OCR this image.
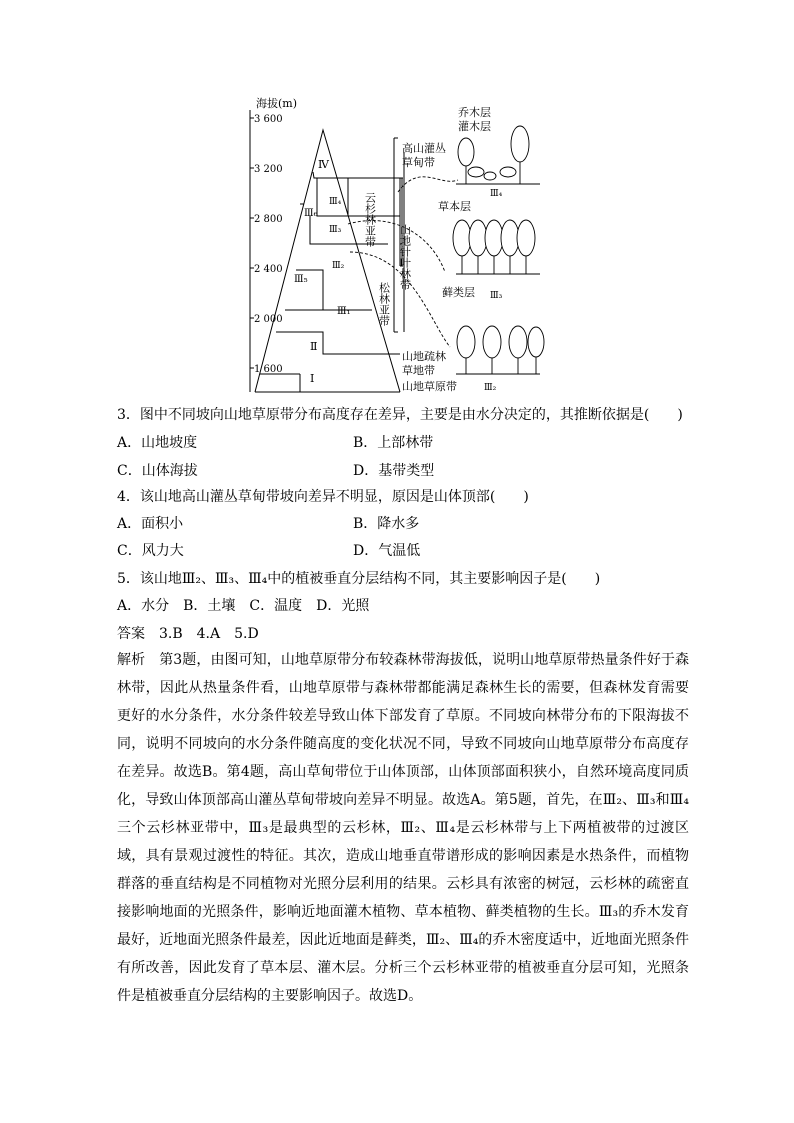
海拔(m)
3 600
3 200
2 800
2 400
2 000
1 600
Ⅳ
Ⅲ₄
Ⅲ₆
Ⅲ₃
Ⅲ₂
Ⅲ₅
Ⅲ₁
Ⅱ
Ⅰ
高山灌丛
草甸带
云杉林亚带
山地针叶林带
松林亚带
山地疏林
草地带
山地草原带
Ⅲ₄
乔木层
灌木层
草本层
藓类层 Ⅲ₃
Ⅲ₂
3．图中不同坡向山地草原带分布高度存在差异，主要是由水分决定的，其推断依据是(　　)
A．山地坡度	B．上部林带
C．山体海拔	D．基带类型
4．该山地高山灌丛草甸带坡向差异不明显，原因是山体顶部(　　)
A．面积小	B．降水多
C．风力大	D．气温低
5．该山地Ⅲ₂、Ⅲ₃、Ⅲ₄中的植被垂直分层结构不同，其主要影响因子是(　　)
A．水分　B．土壤　C．温度　D．光照
答案　3.B　4.A　5.D
解析　第3题，由图可知，山地草原带分布较森林带海拔低，说明山地草原带热量条件好于森林带，因此从热量条件看，山地草原带与森林带都能满足森林生长的需要，但森林发育需要更好的水分条件，水分条件较差导致山体下部发育了草原。不同坡向林带分布的下限海拔不同，说明不同坡向的水分条件随高度的变化状况不同，导致不同坡向山地草原带分布高度存在差异。故选B。第4题，高山草甸带位于山体顶部，山体顶部面积狭小，自然环境高度同质化，导致山体顶部高山灌丛草甸带坡向差异不明显。故选A。第5题，首先，在Ⅲ₂、Ⅲ₃和Ⅲ₄三个云杉林亚带中，Ⅲ₃是最典型的云杉林，Ⅲ₂、Ⅲ₄是云杉林带与上下两植被带的过渡区域，具有景观过渡性的特征。其次，造成山地垂直带谱形成的影响因素是水热条件，而植物群落的垂直结构是不同植物对光照分层利用的结果。云杉具有浓密的树冠，云杉林的疏密直接影响地面的光照条件，影响近地面灌木植物、草本植物、藓类植物的生长。Ⅲ₃的乔木发育最好，近地面光照条件最差，因此近地面是藓类，Ⅲ₂、Ⅲ₄的乔木密度适中，近地面光照条件有所改善，因此发育了草本层、灌木层。分析三个云杉林亚带的植被垂直分层可知，光照条件是植被垂直分层结构的主要影响因子。故选D。
